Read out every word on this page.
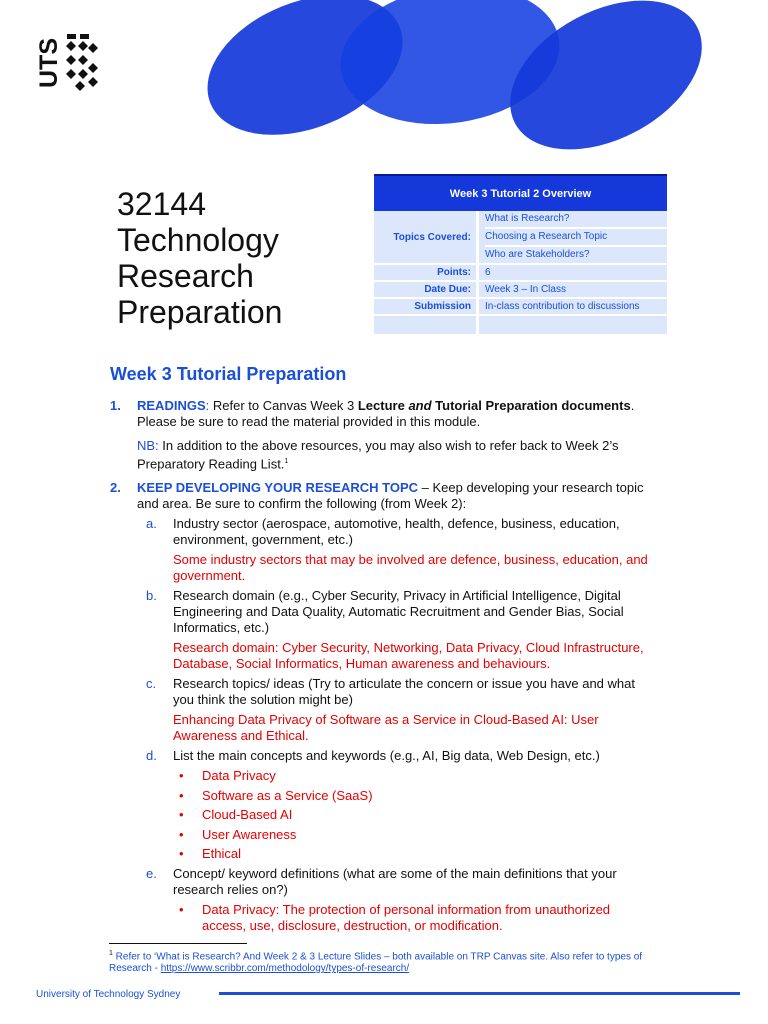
UTS
32144
Technology
Research
Preparation
Week 3 Tutorial 2 Overview	
Topics Covered:	What is Research?
Choosing a Research Topic
Who are Stakeholders?

Points:	6
Date Due:	Week 3 – In Class
Submission	In-class contribution to discussions

Week 3 Tutorial Preparation
1. READINGS: Refer to Canvas Week 3 Lecture and Tutorial Preparation documents. Please be sure to read the material provided in this module.

NB: In addition to the above resources, you may also wish to refer back to Week 2’s Preparatory Reading List.$^1$

2. KEEP DEVELOPING YOUR RESEARCH TOPC – Keep developing your research topic and area. Be sure to confirm the following (from Week 2):

a. Industry sector (aerospace, automotive, health, defence, business, education, environment, government, etc.)

Some industry sectors that may be involved are defence, business, education, and government.

b. Research domain (e.g., Cyber Security, Privacy in Artificial Intelligence, Digital Engineering and Data Quality, Automatic Recruitment and Gender Bias, Social Informatics, etc.)

Research domain: Cyber Security, Networking, Data Privacy, Cloud Infrastructure, Database, Social Informatics, Human awareness and behaviours.

c. Research topics/ ideas (Try to articulate the concern or issue you have and what you think the solution might be)

Enhancing Data Privacy of Software as a Service in Cloud-Based AI: User Awareness and Ethical.

d. List the main concepts and keywords (e.g., AI, Big data, Web Design, etc.)
• Data Privacy
• Software as a Service (SaaS)
• Cloud-Based AI
• User Awareness
• Ethical
e. Concept/ keyword definitions (what are some of the main definitions that your research relies on?)
• Data Privacy: The protection of personal information from unauthorized access, use, disclosure, destruction, or modification.
$^1$ Refer to ‘What is Research? And Week 2 & 3 Lecture Slides – both available on TRP Canvas site. Also refer to types of Research - https://www.scribbr.com/methodology/types-of-research/
University of Technology Sydney
